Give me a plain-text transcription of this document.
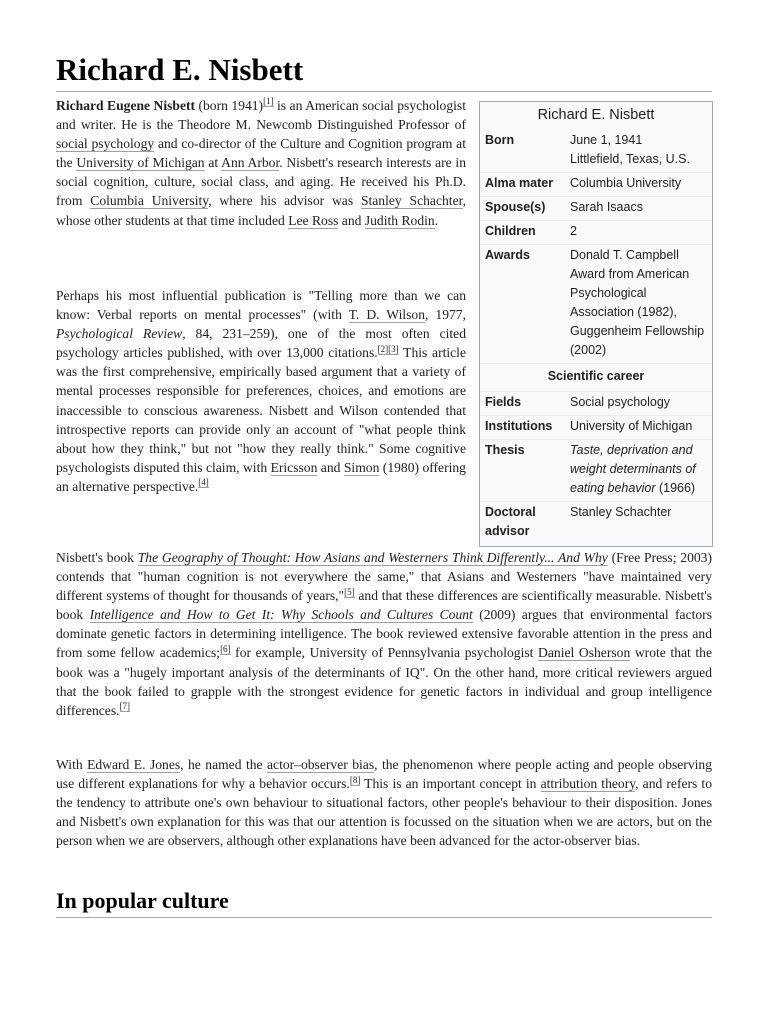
Richard E. Nisbett

Richard Eugene Nisbett (born 1941)[1] is an American social psychologist and writer. He is the Theodore M. Newcomb Distinguished Professor of social psychology and co-director of the Culture and Cognition program at the University of Michigan at Ann Arbor. Nisbett's research interests are in social cognition, culture, social class, and aging. He received his Ph.D. from Columbia University, where his advisor was Stanley Schachter, whose other students at that time included Lee Ross and Judith Rodin.

Perhaps his most influential publication is "Telling more than we can know: Verbal reports on mental processes" (with T. D. Wilson, 1977, Psychological Review, 84, 231–259), one of the most often cited psychology articles published, with over 13,000 citations.[2][3] This article was the first comprehensive, empirically based argument that a variety of mental processes responsible for preferences, choices, and emotions are inaccessible to conscious awareness. Nisbett and Wilson contended that introspective reports can provide only an account of "what people think about how they think," but not "how they really think." Some cognitive psychologists disputed this claim, with Ericsson and Simon (1980) offering an alternative perspective.[4]

Richard E. Nisbett
Born	June 1, 1941
Littlefield, Texas, U.S.
Alma mater	Columbia University
Spouse(s)	Sarah Isaacs
Children	2
Awards	Donald T. Campbell Award from American Psychological Association (1982), Guggenheim Fellowship (2002)
Scientific career	
Fields	Social psychology
Institutions	University of Michigan
Thesis	Taste, deprivation and weight determinants of eating behavior (1966)
Doctoral advisor	Stanley Schachter

Nisbett's book The Geography of Thought: How Asians and Westerners Think Differently... And Why (Free Press; 2003) contends that "human cognition is not everywhere the same," that Asians and Westerners "have maintained very different systems of thought for thousands of years,"[5] and that these differences are scientifically measurable. Nisbett's book Intelligence and How to Get It: Why Schools and Cultures Count (2009) argues that environmental factors dominate genetic factors in determining intelligence. The book reviewed extensive favorable attention in the press and from some fellow academics;[6] for example, University of Pennsylvania psychologist Daniel Osherson wrote that the book was a "hugely important analysis of the determinants of IQ". On the other hand, more critical reviewers argued that the book failed to grapple with the strongest evidence for genetic factors in individual and group intelligence differences.[7]

With Edward E. Jones, he named the actor–observer bias, the phenomenon where people acting and people observing use different explanations for why a behavior occurs.[8] This is an important concept in attribution theory, and refers to the tendency to attribute one's own behaviour to situational factors, other people's behaviour to their disposition. Jones and Nisbett's own explanation for this was that our attention is focussed on the situation when we are actors, but on the person when we are observers, although other explanations have been advanced for the actor-observer bias.

In popular culture
